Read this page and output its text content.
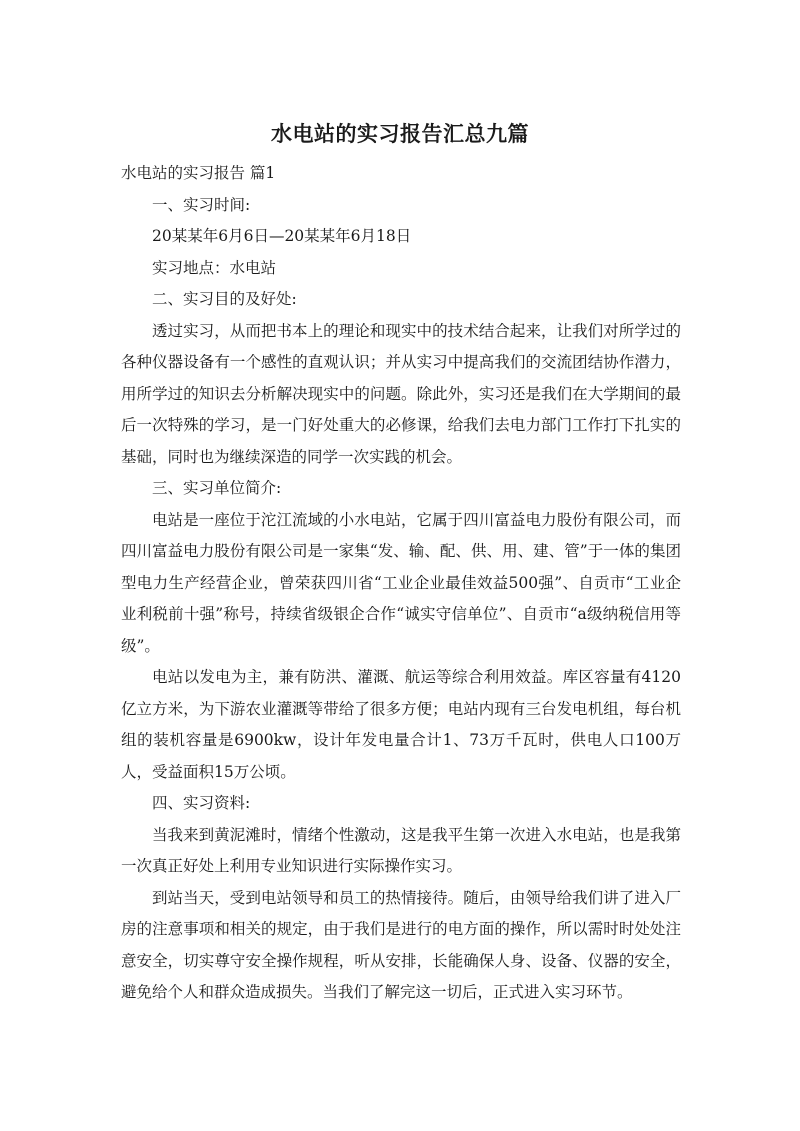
水电站的实习报告汇总九篇

水电站的实习报告 篇1

一、实习时间:

20某某年6月6日—20某某年6月18日

实习地点：水电站

二、实习目的及好处:

透过实习，从而把书本上的理论和现实中的技术结合起来，让我们对所学过的各种仪器设备有一个感性的直观认识；并从实习中提高我们的交流团结协作潜力，用所学过的知识去分析解决现实中的问题。除此外，实习还是我们在大学期间的最后一次特殊的学习，是一门好处重大的必修课，给我们去电力部门工作打下扎实的基础，同时也为继续深造的同学一次实践的机会。

三、实习单位简介:

电站是一座位于沱江流域的小水电站，它属于四川富益电力股份有限公司，而四川富益电力股份有限公司是一家集“发、输、配、供、用、建、管”于一体的集团型电力生产经营企业，曾荣获四川省“工业企业最佳效益500强”、自贡市“工业企业利税前十强”称号，持续省级银企合作“诚实守信单位”、自贡市“a级纳税信用等级”。

电站以发电为主，兼有防洪、灌溉、航运等综合利用效益。库区容量有4120亿立方米，为下游农业灌溉等带给了很多方便；电站内现有三台发电机组，每台机组的装机容量是6900kw，设计年发电量合计1、73万千瓦时，供电人口100万人，受益面积15万公顷。

四、实习资料:

当我来到黄泥滩时，情绪个性激动，这是我平生第一次进入水电站，也是我第一次真正好处上利用专业知识进行实际操作实习。

到站当天，受到电站领导和员工的热情接待。随后，由领导给我们讲了进入厂房的注意事项和相关的规定，由于我们是进行的电方面的操作，所以需时时处处注意安全，切实尊守安全操作规程，听从安排，长能确保人身、设备、仪器的安全，避免给个人和群众造成损失。当我们了解完这一切后，正式进入实习环节。
